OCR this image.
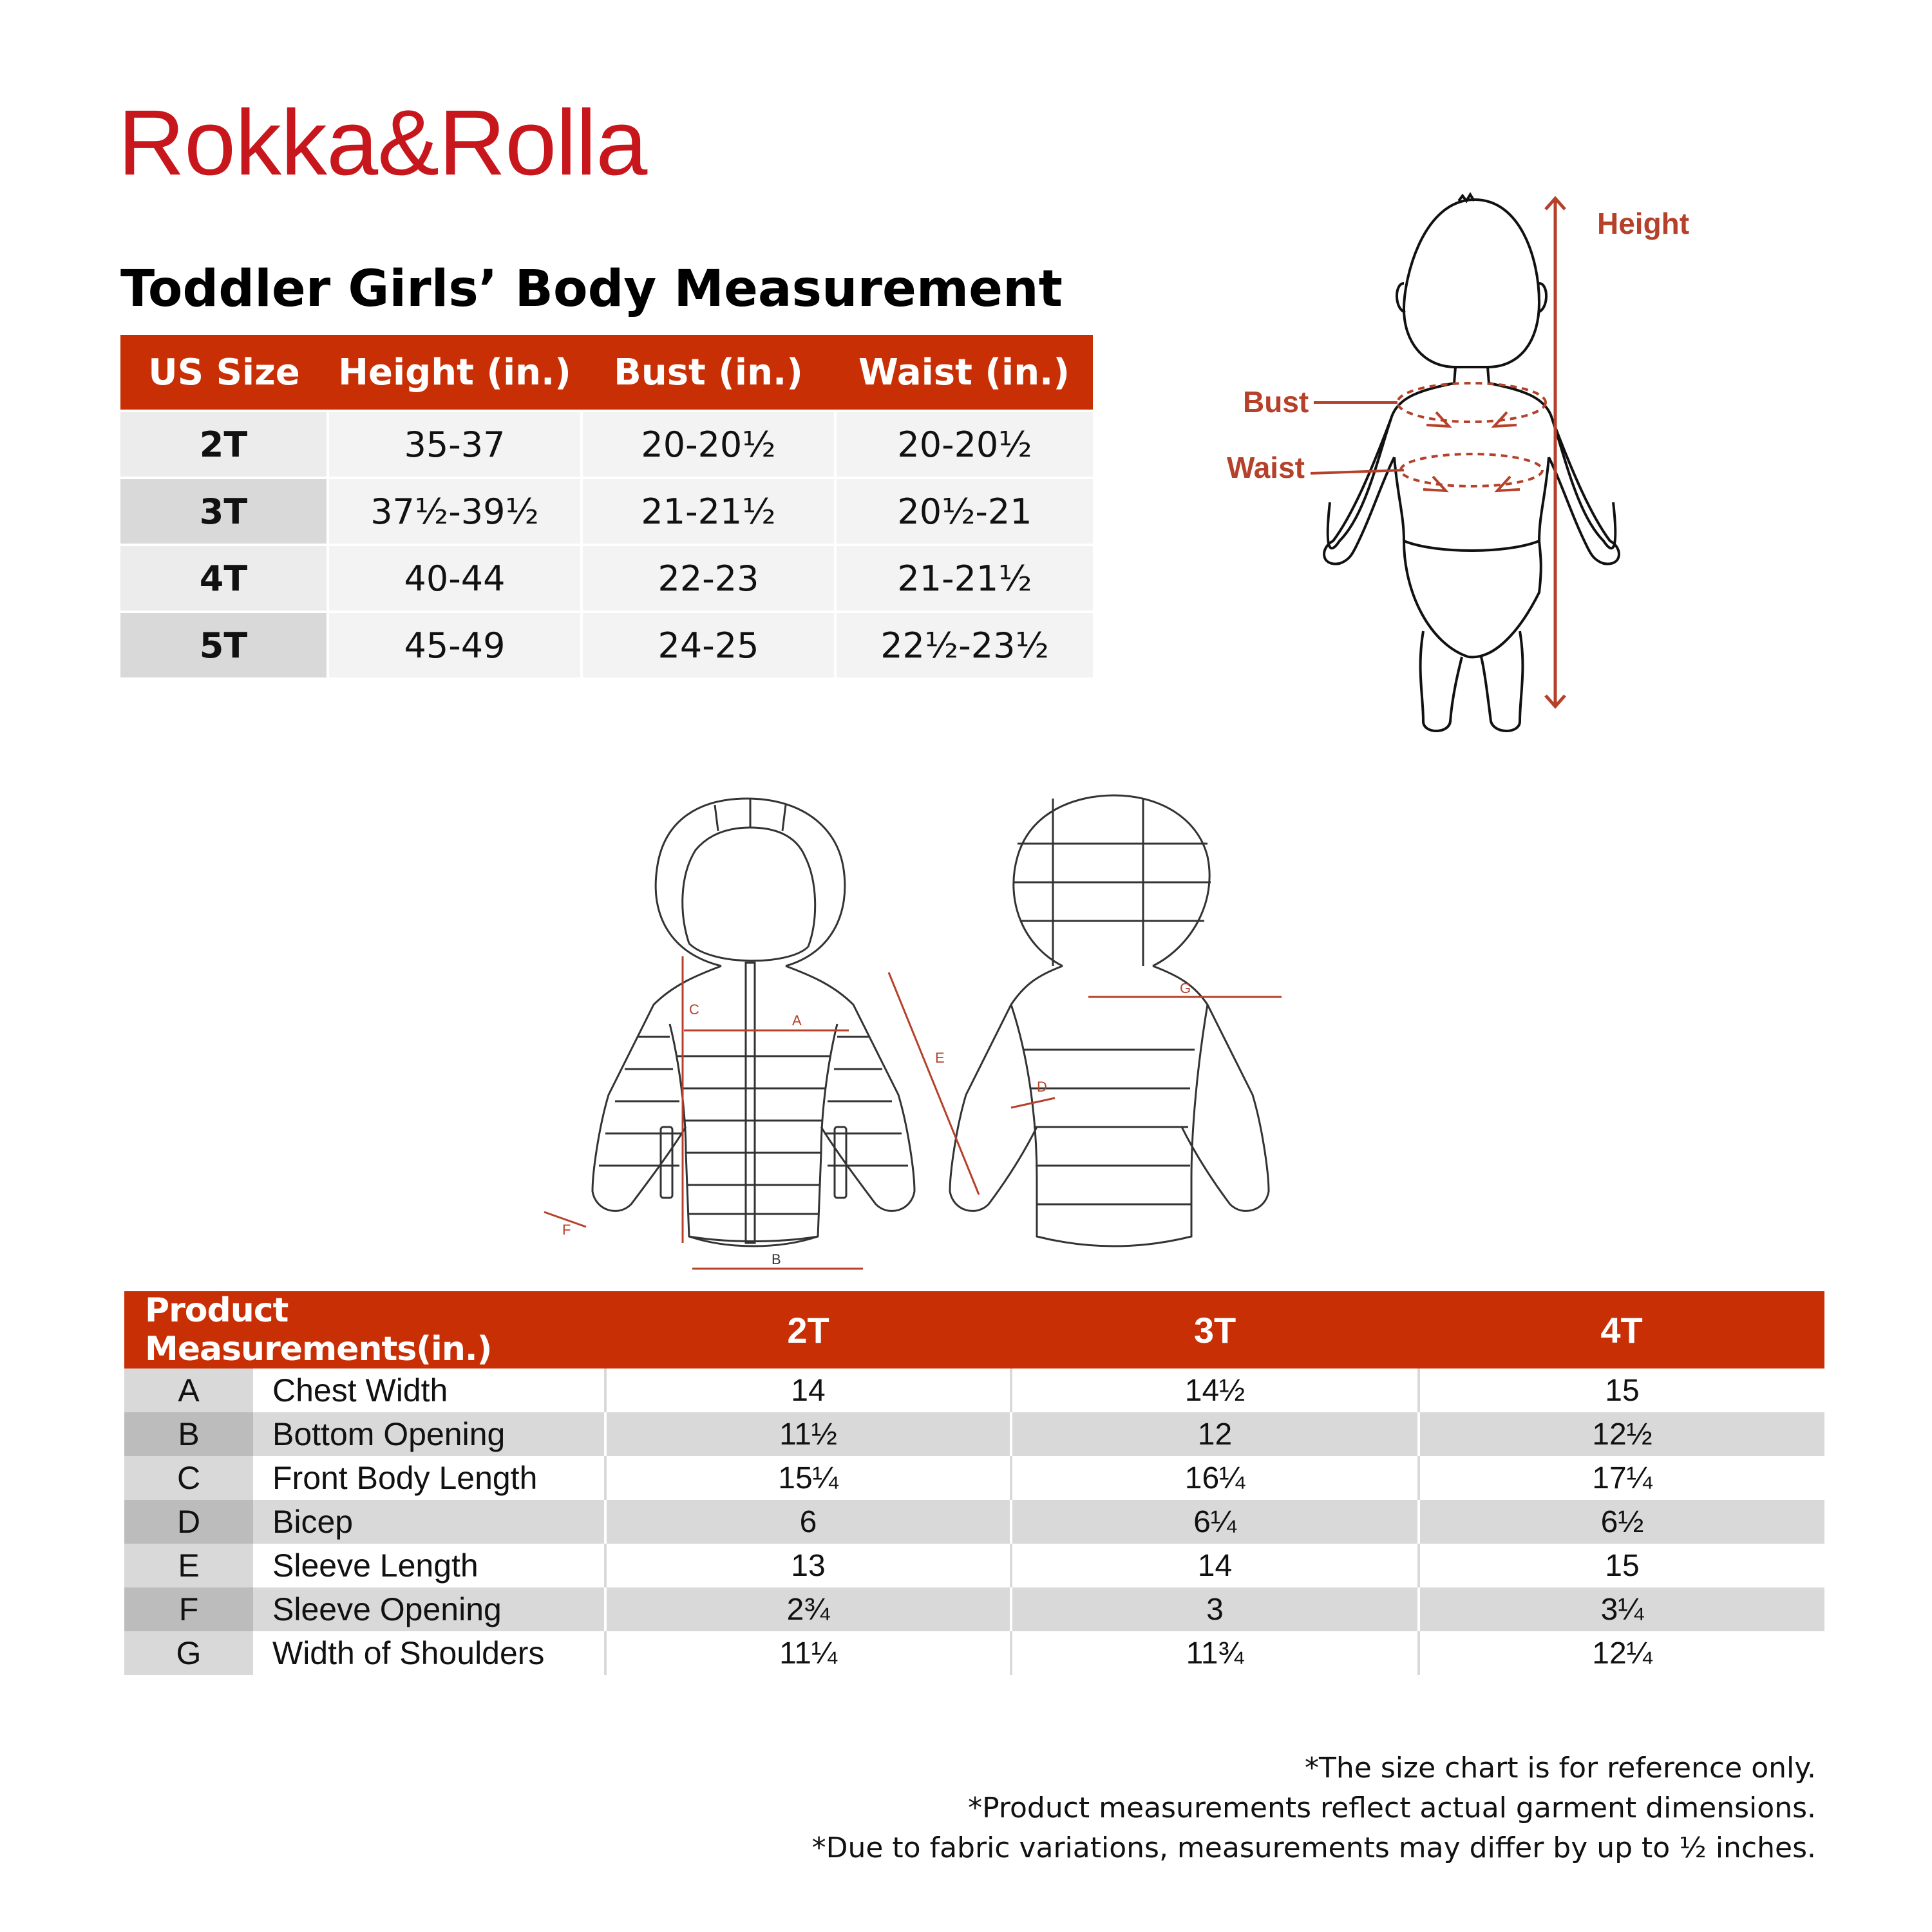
Rokka&Rolla
Toddler Girls’ Body Measurement
US Size	Height (in.)	Bust (in.)	Waist (in.)
2T	35-37	20-20½	20-20½
3T	37½-39½	21-21½	20½-21
4T	40-44	22-23	21-21½
5T	45-49	24-25	22½-23½
Height
Bust
Waist
A
B
C
D
E
F
G
Product Measurements(in.)		2T	3T	4T
A	Chest Width	14	14½	15
B	Bottom Opening	11½	12	12½
C	Front Body Length	15¼	16¼	17¼
D	Bicep	6	6¼	6½
E	Sleeve Length	13	14	15
F	Sleeve Opening	2¾	3	3¼
G	Width of Shoulders	11¼	11¾	12¼
*The size chart is for reference only.
*Product measurements reflect actual garment dimensions.
*Due to fabric variations, measurements may differ by up to ½ inches.
